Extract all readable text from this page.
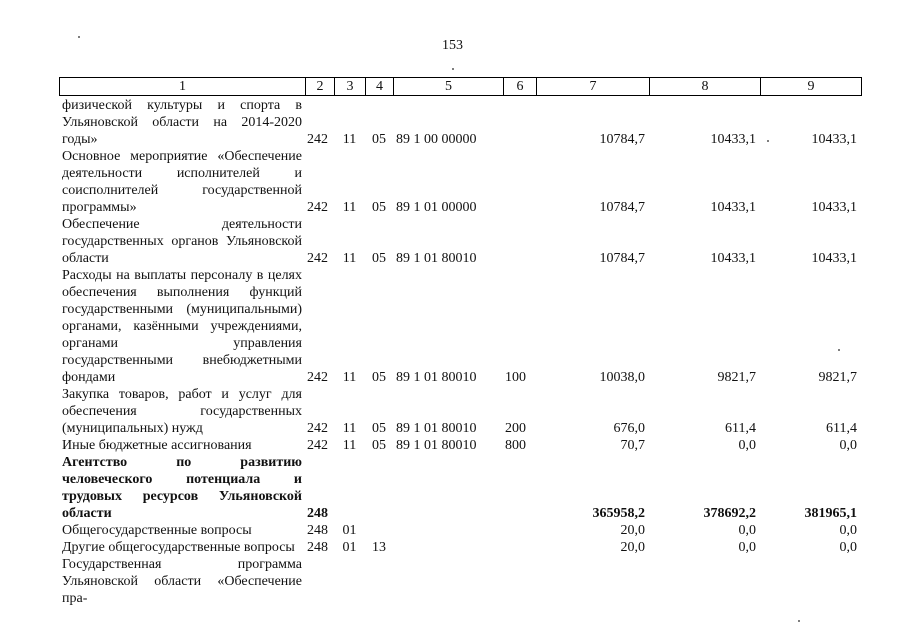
153
1	2	3	4	5	6	7	8	9
физической культуры и спорта в Ульяновской области на 2014-2020 годы»	242	11	05	89 1 00 00000		10784,7	10433,1	10433,1
Основное мероприятие «Обеспечение деятельности исполнителей и соисполнителей государственной программы»	242	11	05	89 1 01 00000		10784,7	10433,1	10433,1
Обеспечение деятельности государственных органов Ульяновской области	242	11	05	89 1 01 80010		10784,7	10433,1	10433,1
Расходы на выплаты персоналу в целях обеспечения выполнения функций государственными (муниципальными) органами, казёнными учреждениями, органами управления государственными внебюджетными фондами	242	11	05	89 1 01 80010	100	10038,0	9821,7	9821,7
Закупка товаров, работ и услуг для обеспечения государственных (муниципальных) нужд	242	11	05	89 1 01 80010	200	676,0	611,4	611,4
Иные бюджетные ассигнования	242	11	05	89 1 01 80010	800	70,7	0,0	0,0
Агентство по развитию человеческого потенциала и трудовых ресурсов Ульяновской области	248					365958,2	378692,2	381965,1
Общегосударственные вопросы	248	01				20,0	0,0	0,0
Другие общегосударственные вопросы	248	01	13			20,0	0,0	0,0
Государственная программа Ульяновской области «Обеспечение пра-								
